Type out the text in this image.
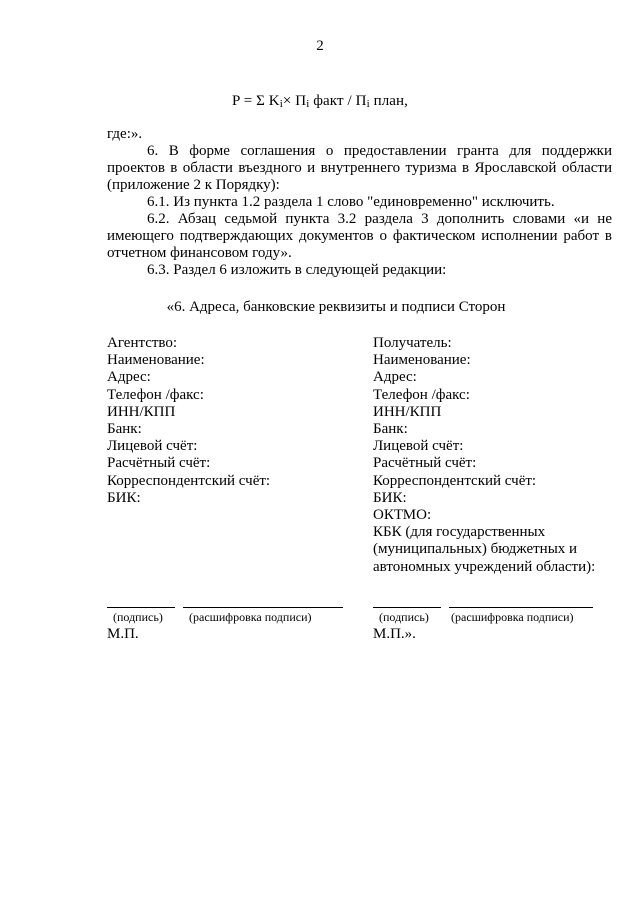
2
P = Σ Ki× Пi факт / Пi план,

где:».

6. В форме соглашения о предоставлении гранта для поддержки проектов в области въездного и внутреннего туризма в Ярославской области (приложение 2 к Порядку):

6.1. Из пункта 1.2 раздела 1 слово "единовременно" исключить.

6.2. Абзац седьмой пункта 3.2 раздела 3 дополнить словами «и не имеющего подтверждающих документов о фактическом исполнении работ в отчетном финансовом году».

6.3. Раздел 6 изложить в следующей редакции:

«6. Адреса, банковские реквизиты и подписи Сторон
Агентство:
Наименование:
Адрес:
Телефон /факс:
ИНН/КПП
Банк:
Лицевой счёт:
Расчётный счёт:
Корреспондентский счёт:
БИК:
Получатель:
Наименование:
Адрес:
Телефон /факс:
ИНН/КПП
Банк:
Лицевой счёт:
Расчётный счёт:
Корреспондентский счёт:
БИК:
ОКТМО:
КБК (для государственных (муниципальных) бюджетных и автономных учреждений области):
(подпись) (расшифровка подписи)
М.П.
(подпись) (расшифровка подписи)
М.П.».
